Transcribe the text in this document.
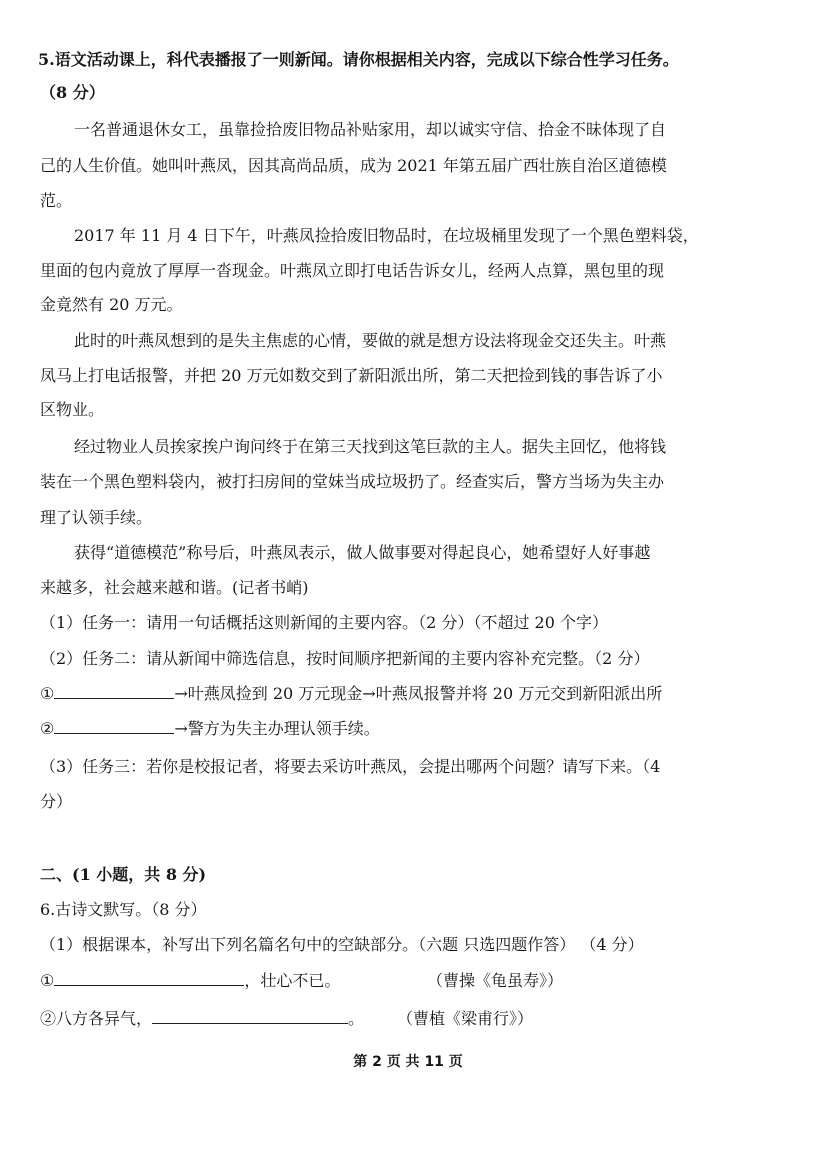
5.语文活动课上，科代表播报了一则新闻。请你根据相关内容，完成以下综合性学习任务。
（8 分）
一名普通退休女工，虽靠捡拾废旧物品补贴家用，却以诚实守信、拾金不昧体现了自
己的人生价值。她叫叶燕凤，因其高尚品质，成为 2021 年第五届广西壮族自治区道德模
范。
2017 年 11 月 4 日下午，叶燕凤捡拾废旧物品时，在垃圾桶里发现了一个黑色塑料袋，
里面的包内竟放了厚厚一沓现金。叶燕凤立即打电话告诉女儿，经两人点算，黑包里的现
金竟然有 20 万元。
此时的叶燕凤想到的是失主焦虑的心情，要做的就是想方设法将现金交还失主。叶燕
凤马上打电话报警，并把 20 万元如数交到了新阳派出所，第二天把捡到钱的事告诉了小
区物业。
经过物业人员挨家挨户询问终于在第三天找到这笔巨款的主人。据失主回忆，他将钱
装在一个黑色塑料袋内，被打扫房间的堂妹当成垃圾扔了。经查实后，警方当场为失主办
理了认领手续。
获得“道德模范”称号后，叶燕凤表示，做人做事要对得起良心，她希望好人好事越
来越多，社会越来越和谐。(记者书峭)
（1）任务一：请用一句话概括这则新闻的主要内容。（2 分）（不超过 20 个字）
（2）任务二：请从新闻中筛选信息，按时间顺序把新闻的主要内容补充完整。（2 分）
①	→叶燕凤捡到 20 万元现金→叶燕凤报警并将 20 万元交到新阳派出所
②	→警方为失主办理认领手续。
（3）任务三：若你是校报记者，将要去采访叶燕凤，会提出哪两个问题？请写下来。（4
分）
二、(1 小题，共 8 分)
6.古诗文默写。（8 分）
（1）根据课本，补写出下列名篇名句中的空缺部分。（六题 只选四题作答） （4 分）
①	，壮心不已。	（曹操《龟虽寿》）
②八方各异气，	。 （曹植《梁甫行》）
第 2 页 共 11 页
